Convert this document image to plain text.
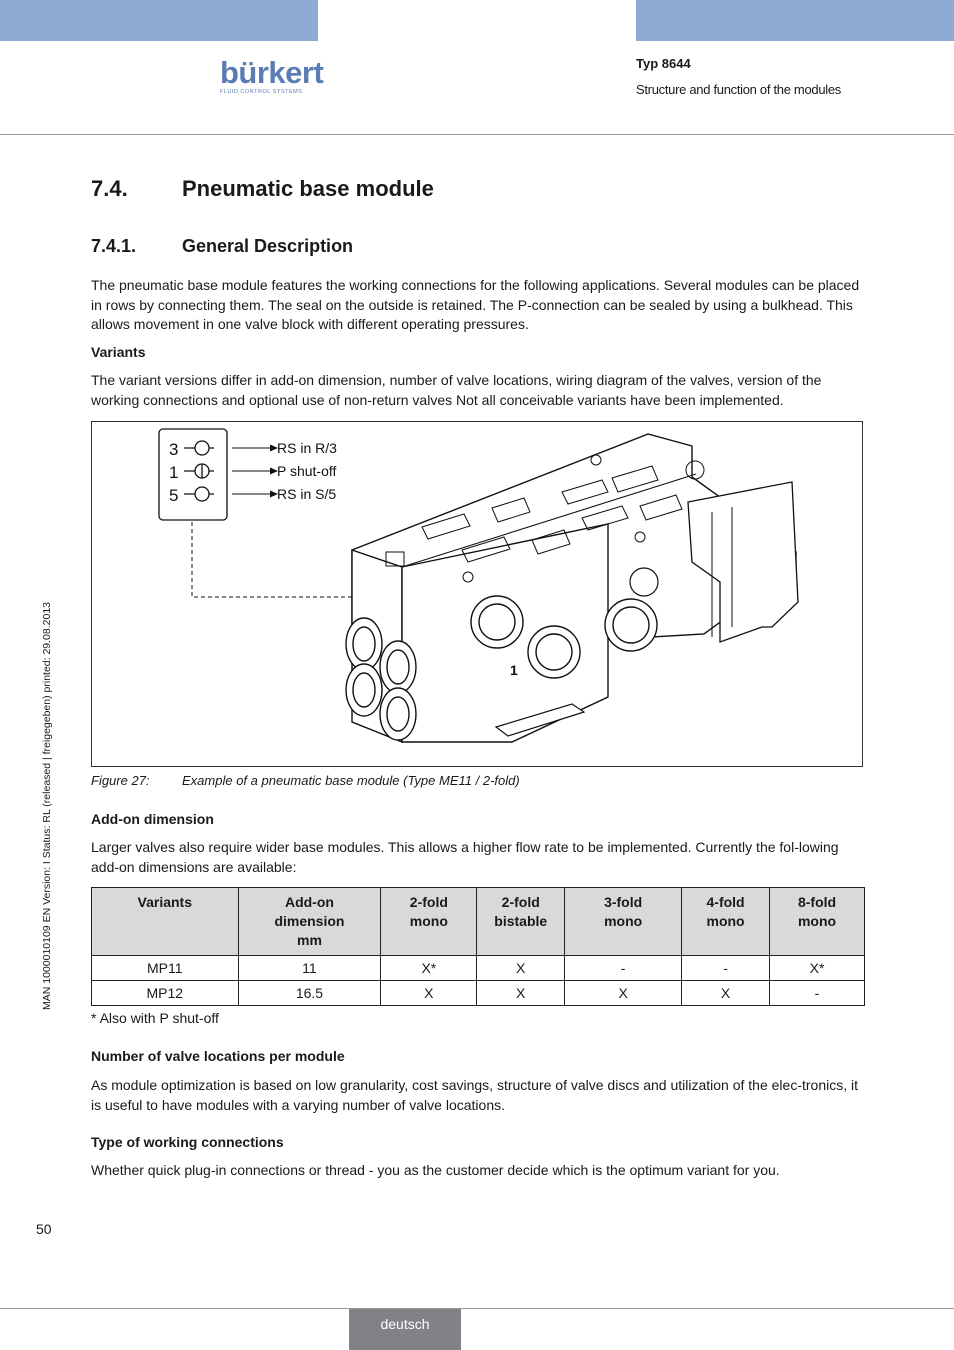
bürkert
FLUID CONTROL SYSTEMS
Typ 8644
Structure and function of the modules
7.4. Pneumatic base module
7.4.1.	General Description

The pneumatic base module features the working connections for the following applications. Several modules can be placed in rows by connecting them. The seal on the outside is retained. The P-connection can be sealed by using a bulkhead. This allows movement in one valve block with different operating pressures.

Variants

The variant versions differ in add-on dimension, number of valve locations, wiring diagram of the valves, version of the working connections and optional use of non-return valves Not all conceivable variants have been implemented.

3	RS in R/3
1	P shut-off
5	RS in S/5
1
Figure 27: Example of a pneumatic base module (Type ME11 / 2-fold)
Add-on dimension

Larger valves also require wider base modules. This allows a higher flow rate to be implemented. Currently the fol-lowing add-on dimensions are available:

Variants	Add-on dimension mm	2-fold mono	2-fold bistable	3-fold mono	4-fold mono	8-fold mono
MP11	11	X*	X	-	-	X*
MP12	16.5	X	X	X	X	-
* Also with P shut-off
Number of valve locations per module

As module optimization is based on low granularity, cost savings, structure of valve discs and utilization of the elec-tronics, it is useful to have modules with a varying number of valve locations.

Type of working connections

Whether quick plug-in connections or thread - you as the customer decide which is the optimum variant for you.

MAN 1000010109 EN Version: I Status: RL (released | freigegeben) printed: 29.08.2013
50
deutsch
